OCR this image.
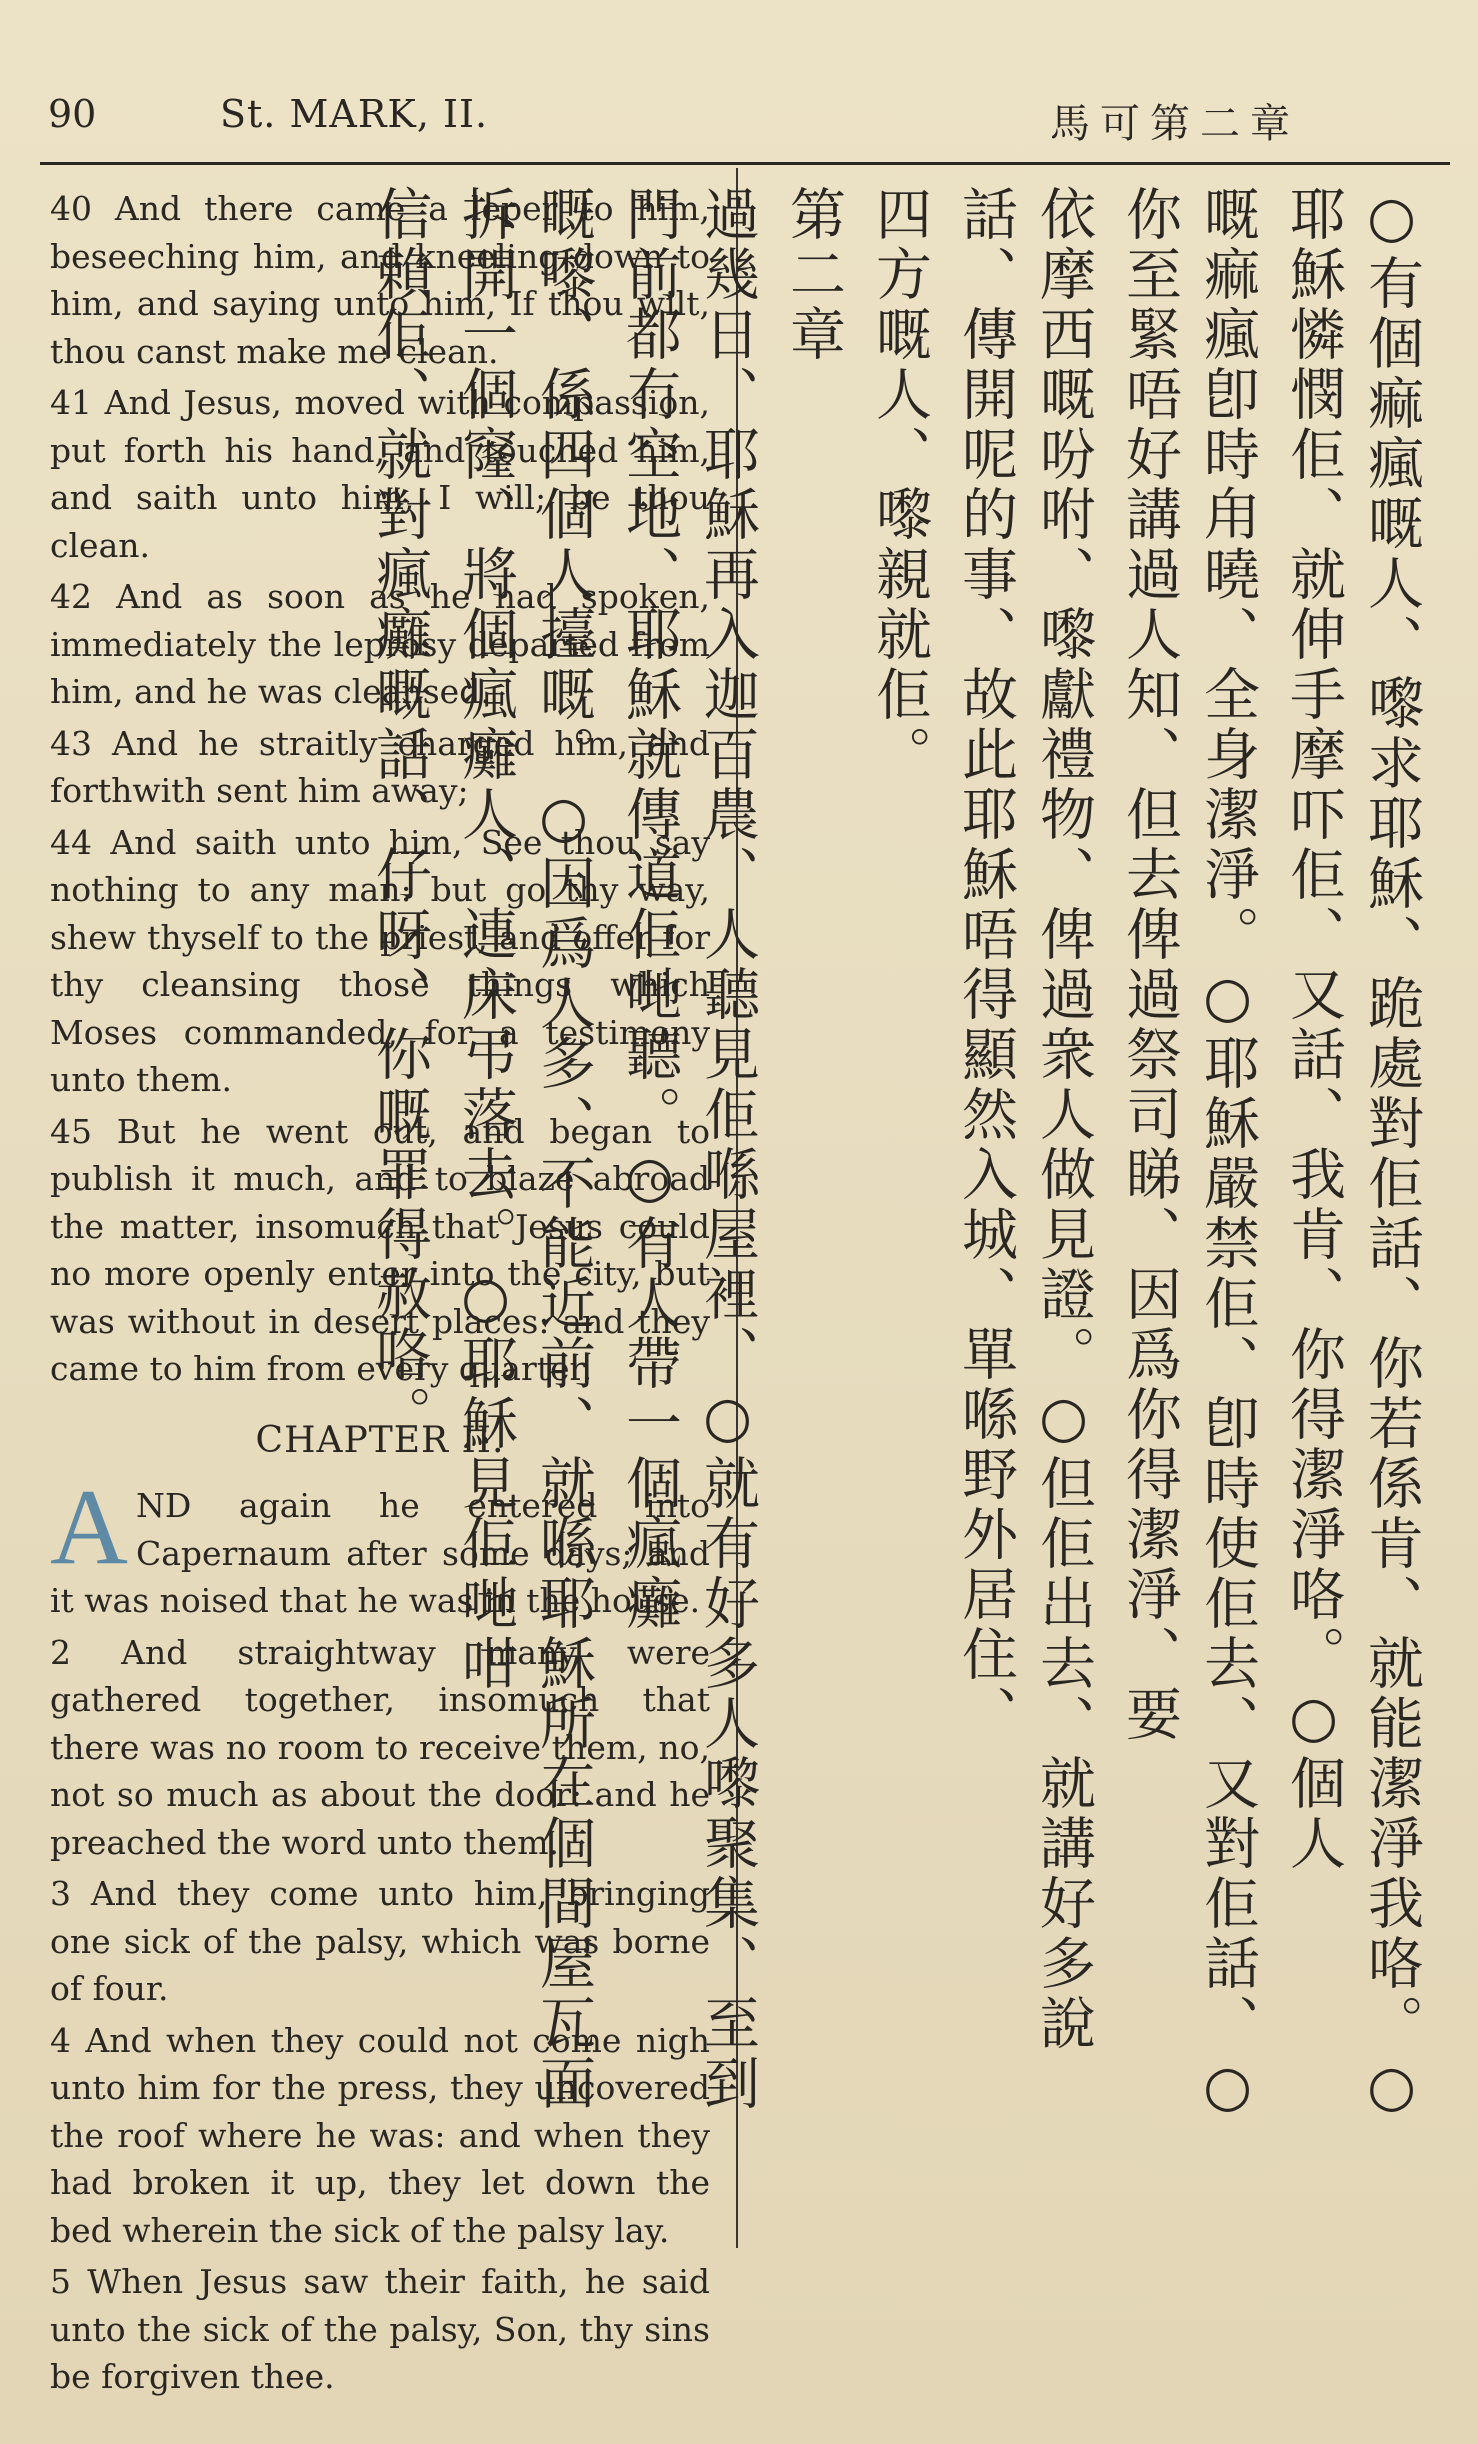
90	St. MARK, II.	馬可第二章

40 And there came a leper to him, beseeching him, and kneeling down to him, and saying unto him, If thou wilt, thou canst make me clean.

41 And Jesus, moved with compassion, put forth his hand, and touched him, and saith unto him, I will; be thou clean.

42 And as soon as he had spoken, immediately the leprosy departed from him, and he was cleansed.

43 And he straitly charged him, and forthwith sent him away;

44 And saith unto him, See thou say nothing to any man: but go thy way, shew thyself to the priest, and offer for thy cleansing those things which Moses commanded, for a testimony unto them.

45 But he went out, and began to publish it much, and to blaze abroad the matter, insomuch that Jesus could no more openly enter into the city, but was without in desert places: and they came to him from every quarter.

CHAPTER II.

A ND again he entered into Capernaum after some days; and it was noised that he was in the house.

2 And straightway many were gathered together, insomuch that there was no room to receive them, no, not so much as about the door: and he preached the word unto them.

3 And they come unto him, bringing one sick of the palsy, which was borne of four.

4 And when they could not come nigh unto him for the press, they uncovered the roof where he was: and when they had broken it up, they let down the bed wherein the sick of the palsy lay.

5 When Jesus saw their faith, he said unto the sick of the palsy, Son, thy sins be forgiven thee.

○有個痲瘋嘅人、嚟求耶穌、跪處對佢話、你若係肯、就能潔淨我咯。○耶穌憐憫佢、就伸手摩吓佢、又話、我肯、你得潔淨咯。○個人
嘅痲瘋卽時甪曉、全身潔淨。○耶穌嚴禁佢、卽時使佢去、又對佢話、○你至緊唔好講過人知、但去俾過祭司睇、因爲你得潔淨、要
依摩西嘅吩咐、嚟獻禮物、俾過衆人做見證。○但佢出去、就講好多說話、傳開呢的事、故此耶穌唔得顯然入城、單喺野外居住、
四方嘅人、嚟親就佢。
第二章
過幾日、耶穌再入迦百農、人聽見佢喺屋裡、○就有好多人嚟聚集、至到門前都冇空地、耶穌就傳道佢哋聽。○有人帶一個瘋癱
嘅嚟、係四個人擡嘅。○因爲人多、不能近前、就喺耶穌所在個間屋瓦面拆開一個窿、將個瘋癱人、連床弔落去。○耶穌見佢哋咁
信賴佢、就對瘋癱嘅話、仔呀、你嘅罪得赦咯。
